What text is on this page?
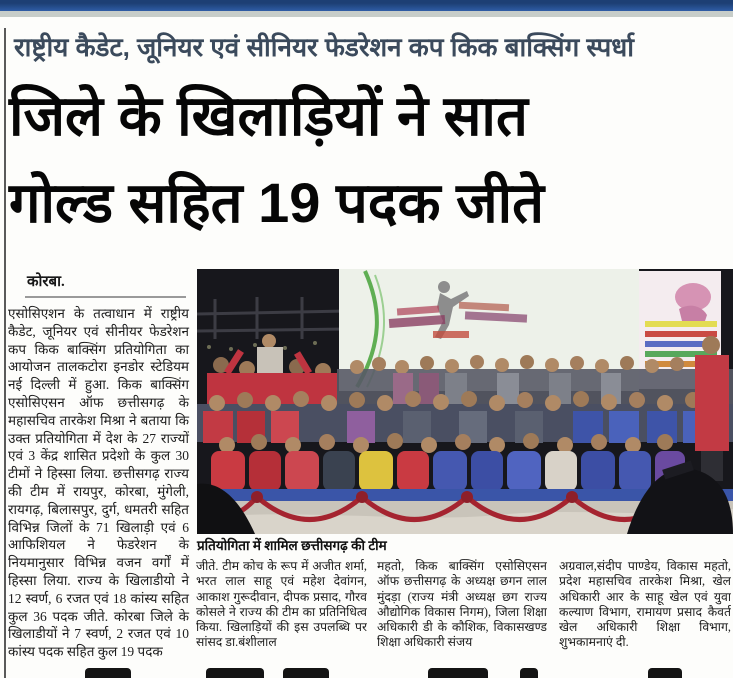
राष्ट्रीय कैडेट, जूनियर एवं सीनियर फेडरेशन कप किक बाक्सिंग स्पर्धा
जिले के खिलाड़ियों ने सात
गोल्ड सहित 19 पदक जीते
कोरबा.
एसोसिएशन के तत्वाधान में राष्ट्रीय कैडेट, जूनियर एवं सीनीयर फेडरेशन कप किक बाक्सिंग प्रतियोगिता का आयोजन तालकटोरा इनडोर स्टेडियम नई दिल्ली में हुआ. किक बाक्सिंग एसोसिएसन ऑफ छत्तीसगढ़ के महासचिव तारकेश मिश्रा ने बताया कि उक्त प्रतियोगिता में देश के 27 राज्यों एवं 3 केंद्र शासित प्रदेशो के कुल 30 टीमों ने हिस्सा लिया. छत्तीसगढ़ राज्य की टीम में रायपुर, कोरबा, मुंगेली, रायगढ़, बिलासपुर, दुर्ग, धमतरी सहित विभिन्न जिलों के 71 खिलाड़ी एवं 6 आफिशियल ने फेडरेशन के नियमानुसार विभिन्न वजन वर्गों में हिस्सा लिया. राज्य के खिलाडीयो ने 12 स्वर्ण, 6 रजत एवं 18 कांस्य सहित कुल 36 पदक जीते. कोरबा जिले के खिलाडीयों ने 7 स्वर्ण, 2 रजत एवं 10 कांस्य पदक सहित कुल 19 पदक
प्रतियोगिता में शामिल छत्तीसगढ़ की टीम
जीते. टीम कोच के रूप में अजीत शर्मा, भरत लाल साहू एवं महेश देवांगन, आकाश गुरूदीवान, दीपक प्रसाद, गौरव कोसले ने राज्य की टीम का प्रतिनिधित्व किया. खिलाड़ियों की इस उपलब्धि पर सांसद डा.बंशीलाल
महतो, किक बाक्सिंग एसोसिएसन ऑफ छत्तीसगढ़ के अध्यक्ष छगन लाल मुंदड़ा (राज्य मंत्री अध्यक्ष छग राज्य औद्योगिक विकास निगम), जिला शिक्षा अधिकारी डी के कौशिक, विकासखण्ड शिक्षा अधिकारी संजय
अग्रवाल,संदीप पाण्डेय, विकास महतो, प्रदेश महासचिव तारकेश मिश्रा, खेल अधिकारी आर के साहू खेल एवं युवा कल्याण विभाग, रामायण प्रसाद कैवर्त खेल अधिकारी शिक्षा विभाग, शुभकामनाएं दी.
